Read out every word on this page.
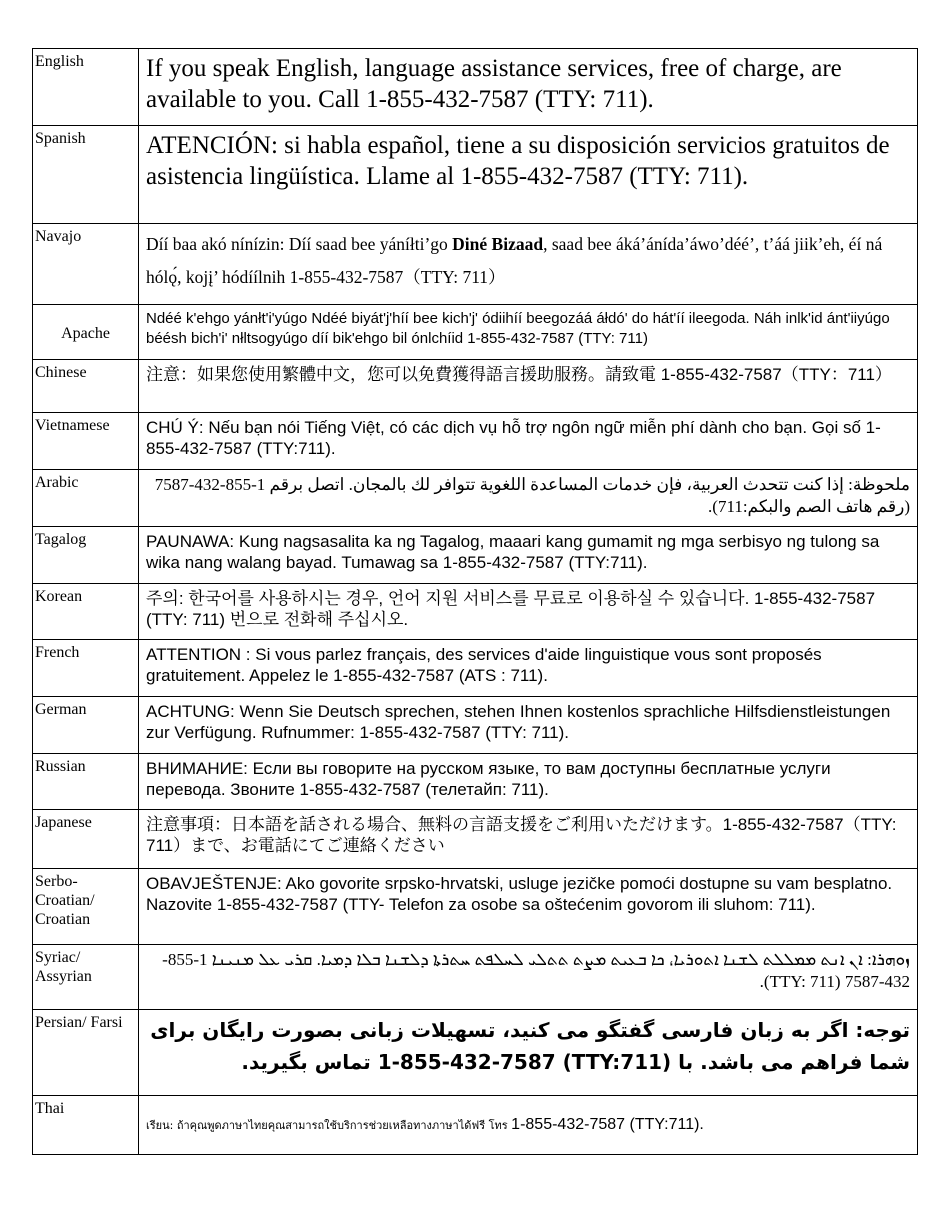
English	If you speak English, language assistance services, free of charge, are available to you. Call 1-855-432-7587 (TTY: 711).
Spanish	ATENCIÓN: si habla español, tiene a su disposición servicios gratuitos de asistencia lingüística. Llame al 1-855-432-7587 (TTY: 711).
Navajo	Díí baa akó nínízin: Díí saad bee yáníłti’go Diné Bizaad, saad bee áká’ánída’áwo’déé’, t’áá jiik’eh, éí ná hólǫ́, kojį’ hódíílnih 1-855-432-7587（TTY: 711）
Apache	Ndéé k'ehgo yánłt'i'yúgo Ndéé biyát'j'híí bee kich'j' ódiihíí beegozáá áłdó' do hát'íí ileegoda. Náh inlk'id ánt'iiyúgo béésh bich'i' nłltsogyúgo díí bik'ehgo bil ónlchíid 1-855-432-7587 (TTY: 711)
Chinese	注意：如果您使用繁體中文，您可以免費獲得語言援助服務。請致電 1-855-432-7587（TTY：711）
Vietnamese	CHÚ Ý: Nếu bạn nói Tiếng Việt, có các dịch vụ hỗ trợ ngôn ngữ miễn phí dành cho bạn. Gọi số 1-855-432-7587 (TTY:711).
Arabic	ملحوظة: إذا كنت تتحدث العربية، فإن خدمات المساعدة اللغوية تتوافر لك بالمجان. اتصل برقم 1-855-432-7587 (رقم هاتف الصم والبكم:711).
Tagalog	PAUNAWA: Kung nagsasalita ka ng Tagalog, maaari kang gumamit ng mga serbisyo ng tulong sa wika nang walang bayad. Tumawag sa 1-855-432-7587 (TTY:711).
Korean	주의: 한국어를 사용하시는 경우, 언어 지원 서비스를 무료로 이용하실 수 있습니다. 1-855-432-7587 (TTY: 711) 번으로 전화해 주십시오.
French	ATTENTION : Si vous parlez français, des services d'aide linguistique vous sont proposés gratuitement. Appelez le 1-855-432-7587 (ATS : 711).
German	ACHTUNG: Wenn Sie Deutsch sprechen, stehen Ihnen kostenlos sprachliche Hilfsdienstleistungen zur Verfügung. Rufnummer: 1-855-432-7587 (TTY: 711).
Russian	ВНИМАНИЕ: Если вы говорите на русском языке, то вам доступны бесплатные услуги перевода. Звоните 1-855-432-7587 (телетайп: 711).
Japanese	注意事項：日本語を話される場合、無料の言語支援をご利用いただけます。1-855-432-7587（TTY: 711）まで、お電話にてご連絡ください
Serbo-Croatian/ Croatian	OBAVJEŠTENJE: Ako govorite srpsko-hrvatski, usluge jezičke pomoći dostupne su vam besplatno. Nazovite 1-855-432-7587 (TTY- Telefon za osobe sa oštećenim govorom ili sluhom: 711).
Syriac/ Assyrian	ܙܘܗܪܐ: ܐܢ ܐܢܬ ܡܡܠܠܬ ܠܫܢܐ ܐܬܘܪܝܐ، ܟܐ ܒܥܝܬ ܡܨܬ ܬܬܠܝ ܠܚܠܦܬ ܚܬܪܬܐ ܕܠܫܢܐ ܒܠܐ ܕܡܝܐ. ܩܪܝ ܥܠ ܡܢܝܢܐ 1-855-432-7587 (TTY: 711).
Persian/ Farsi	توجه: اگر به زبان فارسی گفتگو می کنید، تسهیلات زبانی بصورت رایگان برای شما فراهم می باشد. با (TTY:711) 1-855-432-7587 تماس بگیرید.
Thai	เรียน: ถ้าคุณพูดภาษาไทยคุณสามารถใช้บริการช่วยเหลือทางภาษาได้ฟรี โทร 1-855-432-7587 (TTY:711).
